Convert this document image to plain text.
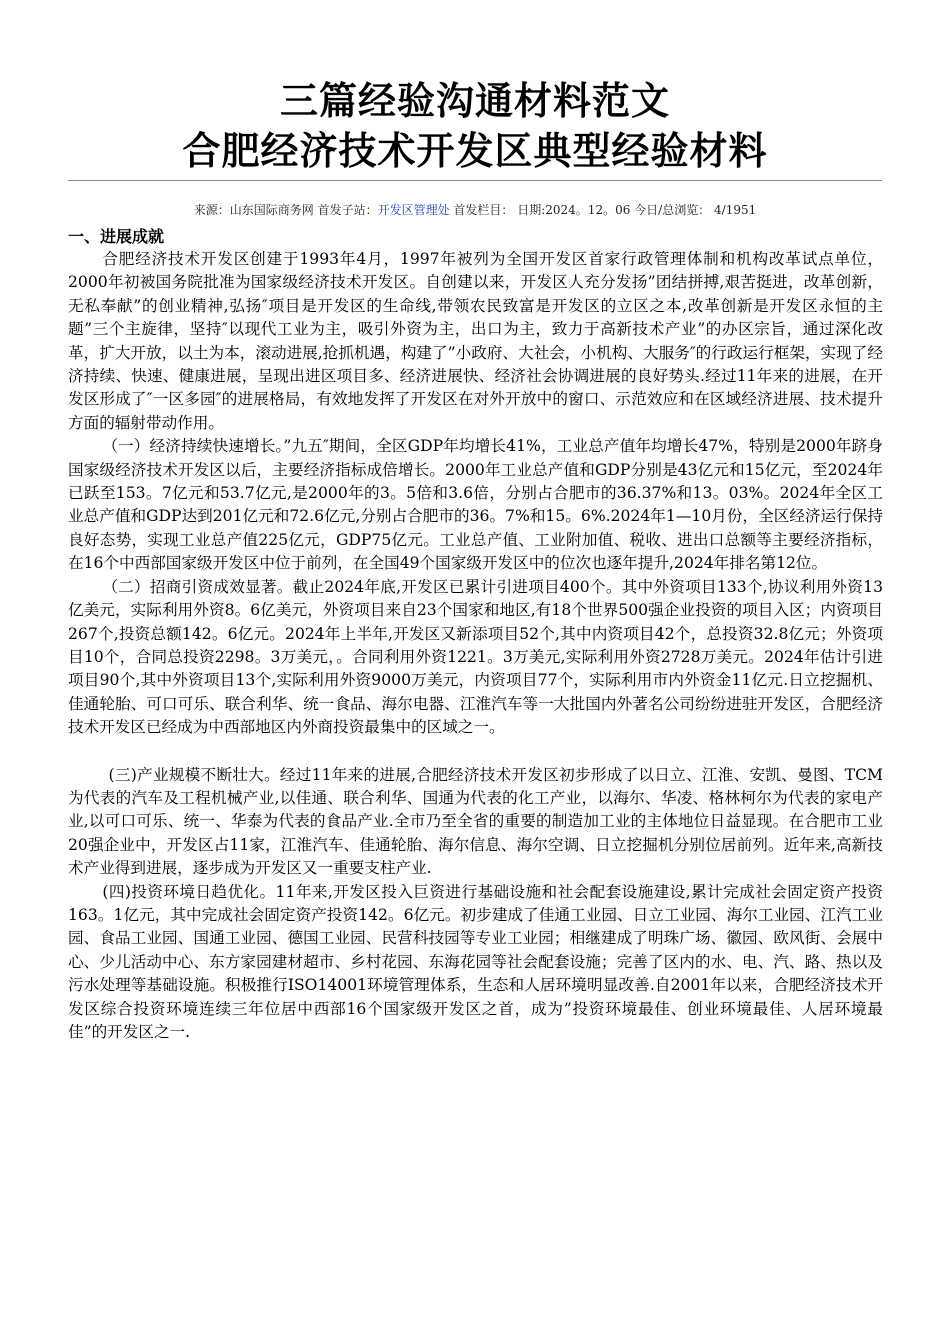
三篇经验沟通材料范文
合肥经济技术开发区典型经验材料
来源：山东国际商务网 首发子站：开发区管理处 首发栏目： 日期:2024。12。06 今日/总浏览： 4/1951
一、进展成就

合肥经济技术开发区创建于1993年4月，1997年被列为全国开发区首家行政管理体制和机构改革试点单位，2000年初被国务院批准为国家级经济技术开发区。自创建以来，开发区人充分发扬”团结拼搏,艰苦挺进，改革创新，无私奉献”的创业精神,弘扬″项目是开发区的生命线,带领农民致富是开发区的立区之本,改革创新是开发区永恒的主题”三个主旋律，坚持″以现代工业为主，吸引外资为主，出口为主，致力于高新技术产业”的办区宗旨，通过深化改革，扩大开放，以土为本，滚动进展,抢抓机遇，构建了”小政府、大社会，小机构、大服务″的行政运行框架，实现了经济持续、快速、健康进展，呈现出进区项目多、经济进展快、经济社会协调进展的良好势头.经过11年来的进展，在开发区形成了″一区多园″的进展格局，有效地发挥了开发区在对外开放中的窗口、示范效应和在区域经济进展、技术提升方面的辐射带动作用。

（一）经济持续快速增长。”九五″期间，全区GDP年均增长41%，工业总产值年均增长47%，特别是2000年跻身国家级经济技术开发区以后，主要经济指标成倍增长。2000年工业总产值和GDP分别是43亿元和15亿元，至2024年已跃至153。7亿元和53.7亿元,是2000年的3。5倍和3.6倍，分别占合肥市的36.37%和13。03%。2024年全区工业总产值和GDP达到201亿元和72.6亿元,分别占合肥市的36。7%和15。6%.2024年1—10月份，全区经济运行保持良好态势，实现工业总产值225亿元，GDP75亿元。工业总产值、工业附加值、税收、进出口总额等主要经济指标，在16个中西部国家级开发区中位于前列，在全国49个国家级开发区中的位次也逐年提升,2024年排名第12位。

（二）招商引资成效显著。截止2024年底,开发区已累计引进项目400个。其中外资项目133个,协议利用外资13亿美元，实际利用外资8。6亿美元，外资项目来自23个国家和地区,有18个世界500强企业投资的项目入区；内资项目267个,投资总额142。6亿元。2024年上半年,开发区又新添项目52个,其中内资项目42个，总投资32.8亿元；外资项目10个，合同总投资2298。3万美元，。合同利用外资1221。3万美元,实际利用外资2728万美元。2024年估计引进项目90个,其中外资项目13个,实际利用外资9000万美元，内资项目77个，实际利用市内外资金11亿元.日立挖掘机、佳通轮胎、可口可乐、联合利华、统一食品、海尔电器、江淮汽车等一大批国内外著名公司纷纷进驻开发区，合肥经济技术开发区已经成为中西部地区内外商投资最集中的区域之一。

(三)产业规模不断壮大。经过11年来的进展,合肥经济技术开发区初步形成了以日立、江淮、安凯、曼图、TCM为代表的汽车及工程机械产业,以佳通、联合利华、国通为代表的化工产业，以海尔、华凌、格林柯尔为代表的家电产业,以可口可乐、统一、华泰为代表的食品产业.全市乃至全省的重要的制造加工业的主体地位日益显现。在合肥市工业20强企业中，开发区占11家，江淮汽车、佳通轮胎、海尔信息、海尔空调、日立挖掘机分别位居前列。近年来,高新技术产业得到进展，逐步成为开发区又一重要支柱产业.

(四)投资环境日趋优化。11年来,开发区投入巨资进行基础设施和社会配套设施建设,累计完成社会固定资产投资163。1亿元，其中完成社会固定资产投资142。6亿元。初步建成了佳通工业园、日立工业园、海尔工业园、江汽工业园、食品工业园、国通工业园、德国工业园、民营科技园等专业工业园；相继建成了明珠广场、徽园、欧风街、会展中心、少儿活动中心、东方家园建材超市、乡村花园、东海花园等社会配套设施；完善了区内的水、电、汽、路、热以及污水处理等基础设施。积极推行ISO14001环境管理体系，生态和人居环境明显改善.自2001年以来，合肥经济技术开发区综合投资环境连续三年位居中西部16个国家级开发区之首，成为”投资环境最佳、创业环境最佳、人居环境最佳”的开发区之一.
